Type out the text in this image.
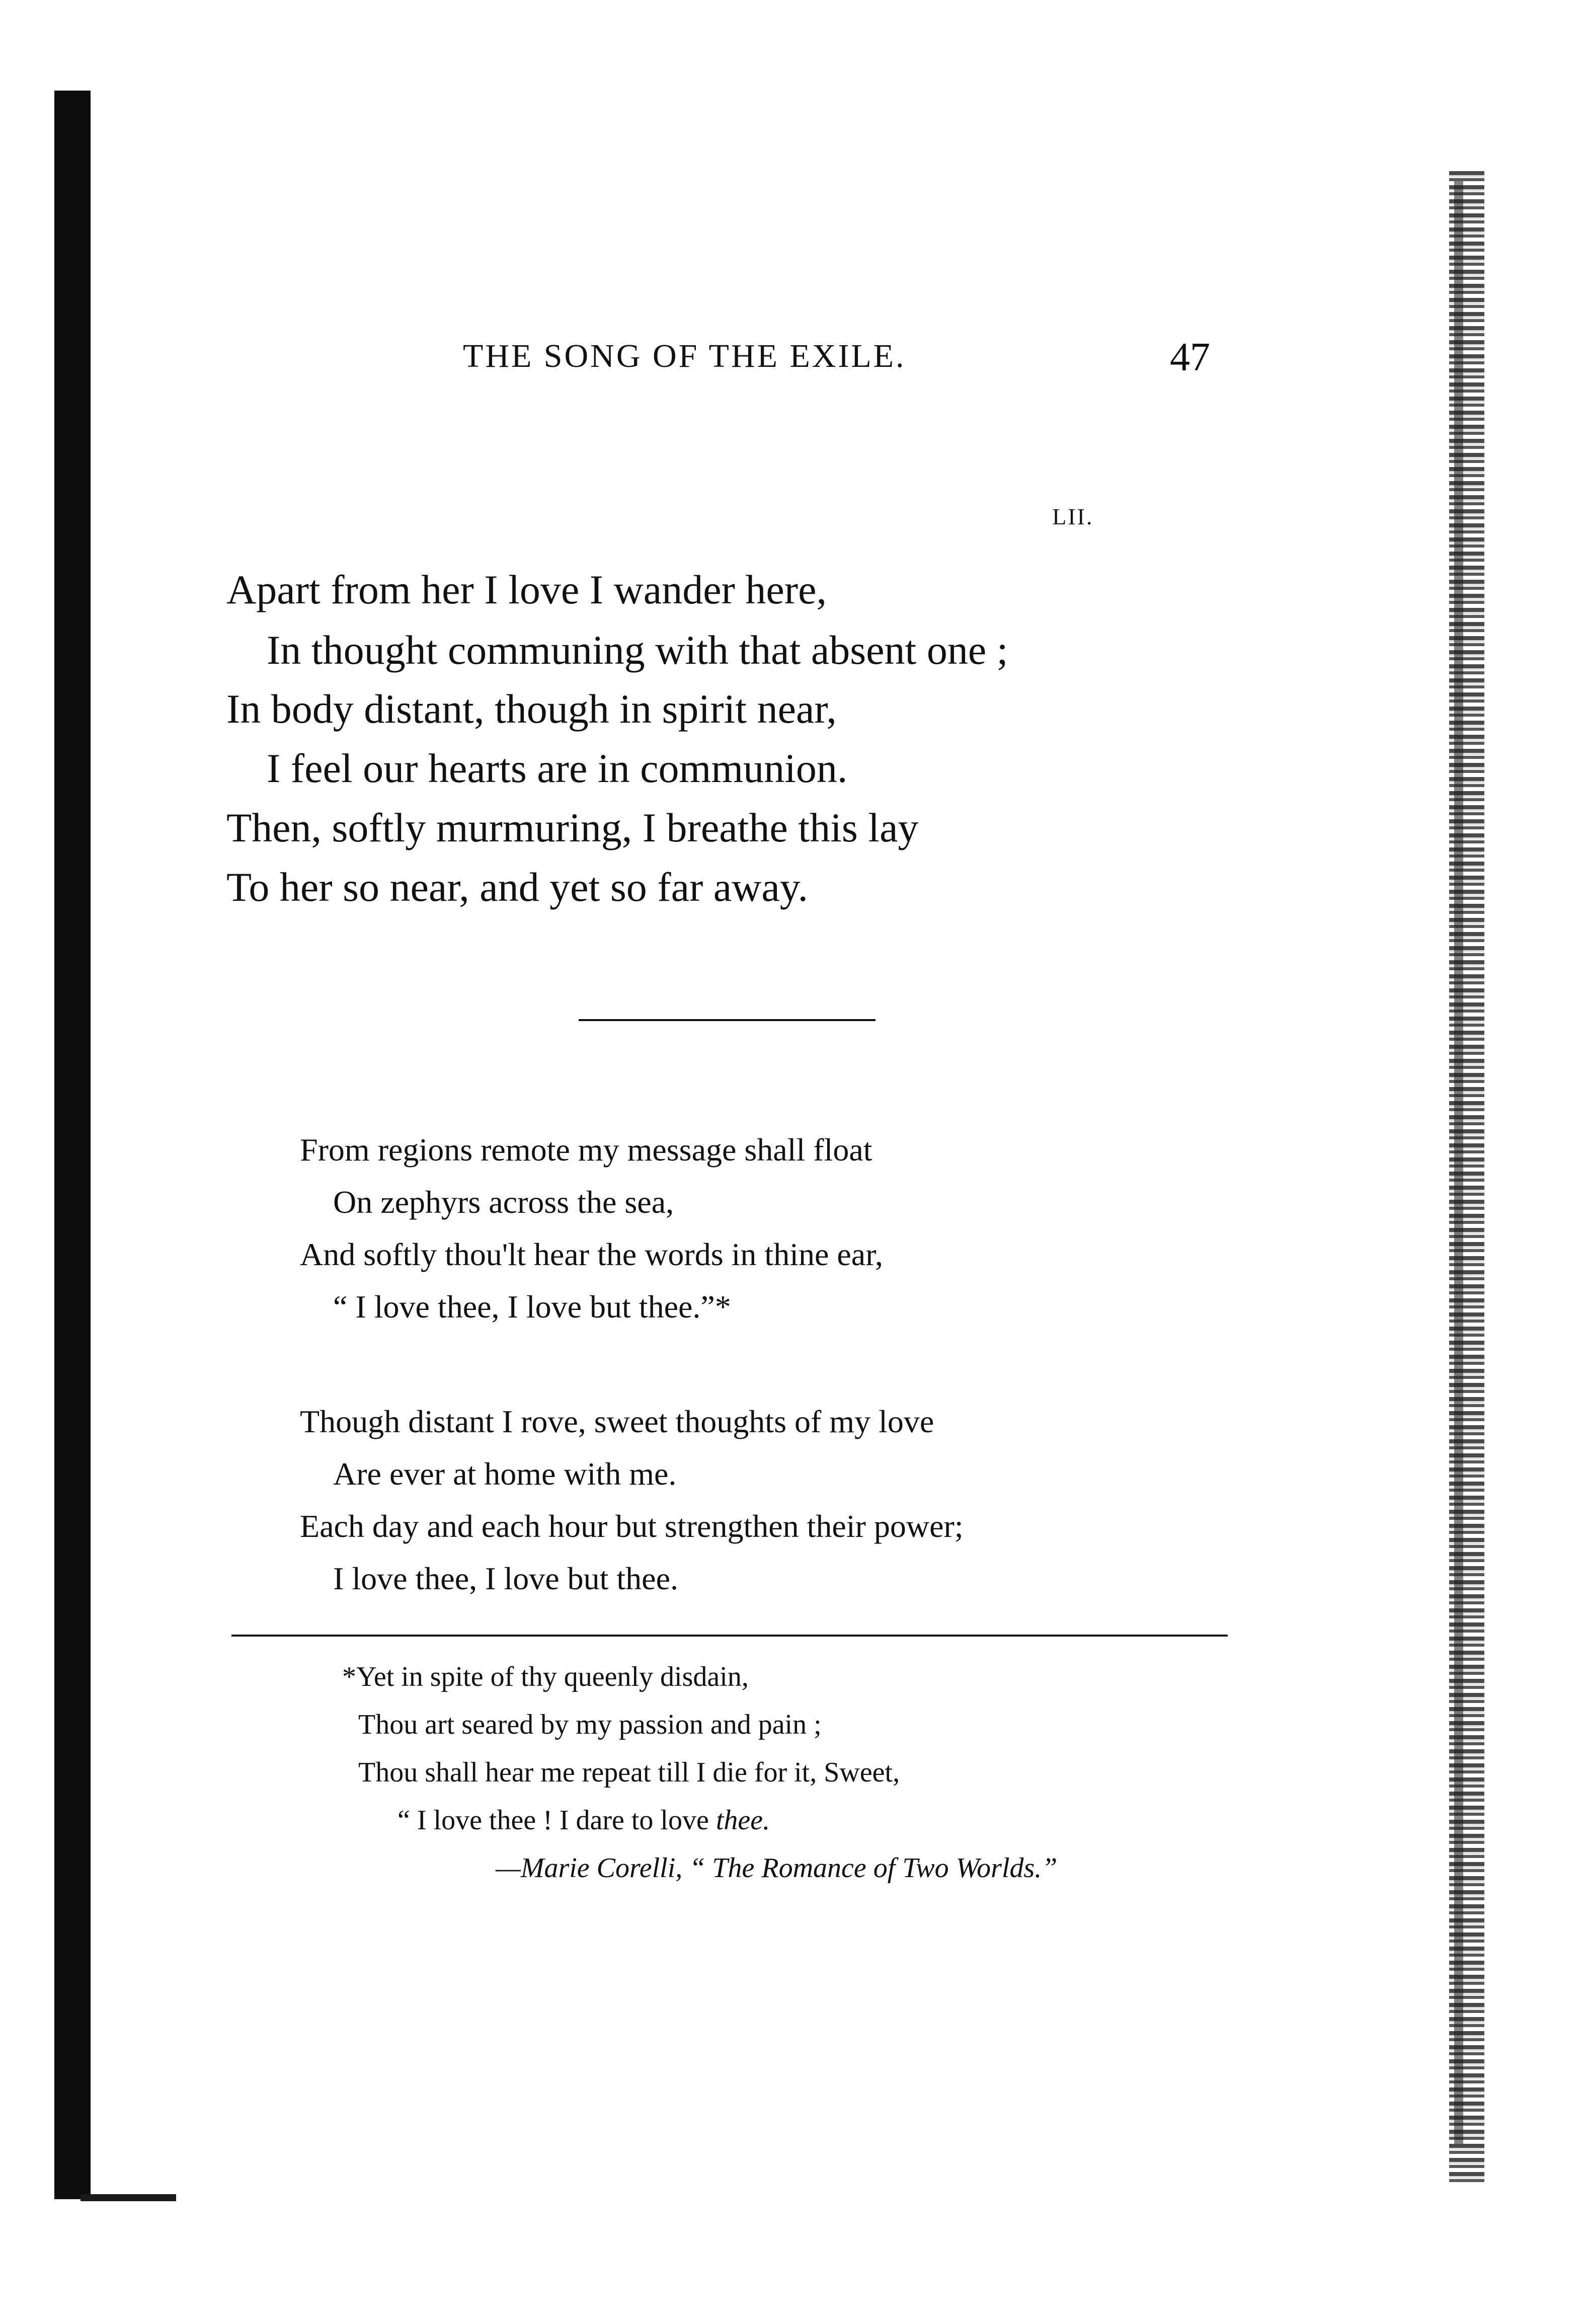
THE SONG OF THE EXILE.	47
LII.
Apart from her I love I wander here,
In thought communing with that absent one ;
In body distant, though in spirit near,
I feel our hearts are in communion.
Then, softly murmuring, I breathe this lay
To her so near, and yet so far away.
From regions remote my message shall float
On zephyrs across the sea,
And softly thou'lt hear the words in thine ear,
“ I love thee, I love but thee.”*
Though distant I rove, sweet thoughts of my love
Are ever at home with me.
Each day and each hour but strengthen their power;
I love thee, I love but thee.
*Yet in spite of thy queenly disdain,
Thou art seared by my passion and pain ;
Thou shall hear me repeat till I die for it, Sweet,
“ I love thee ! I dare to love thee.
—Marie Corelli, “ The Romance of Two Worlds.”
